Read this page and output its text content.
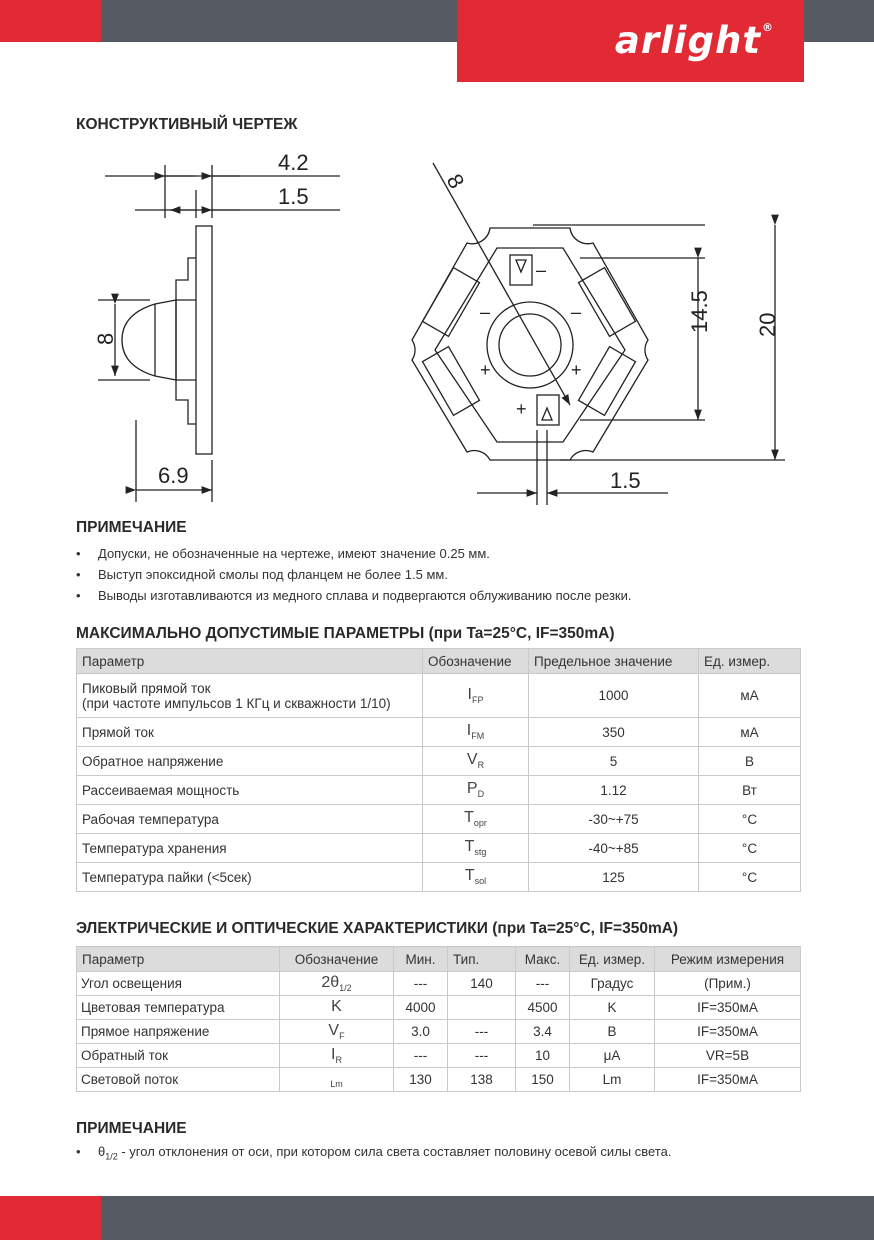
arlight®
КОНСТРУКТИВНЫЙ ЧЕРТЕЖ
4.2
1.5
8
6.9
8
14.5 20
1.5
–
–	–
+	+
+
ПРИМЕЧАНИЕ
• Допуски, не обозначенные на чертеже, имеют значение 0.25 мм.
• Выступ эпоксидной смолы под фланцем не более 1.5 мм.
• Выводы изготавливаются из медного сплава и подвергаются облуживанию после резки.
МАКСИМАЛЬНО ДОПУСТИМЫЕ ПАРАМЕТРЫ (при Ta=25°C, IF=350mA)
Параметр	Обозначение	Предельное значение	Ед. измер.

Пиковый прямой ток
(при частоте импульсов 1 КГц и скважности 1/10)	$I_{FP}$	1000	мА
Прямой ток	$I_{FM}$	350	мА
Обратное напряжение	$V_R$	5	В
Рассеиваемая мощность	$P_D$	1.12	Вт
Рабочая температура	$T_{opr}$	-30~+75	°C
Температура хранения	$T_{stg}$	-40~+85	°C
Температура пайки (<5сек)	$T_{sol}$	125	°C
ЭЛЕКТРИЧЕСКИЕ И ОПТИЧЕСКИЕ ХАРАКТЕРИСТИКИ (при Ta=25°C, IF=350mA)
Параметр	Обозначение	Мин.	Тип.	Макс.	Ед. измер.	Режим измерения
Угол освещения	$2\theta_{1/2}$	---	140	---	Градус	(Прим.)
Цветовая температура	K	4000		4500	K	IF=350мА
Прямое напряжение	$V_F$	3.0	---	3.4	В	IF=350мА
Обратный ток	$I_R$	---	---	10	μA	VR=5В
Световой поток	$_{Lm}$	130	138	150	Lm	IF=350мА
ПРИМЕЧАНИЕ
• $\theta_{1/2}$ - угол отклонения от оси, при котором сила света составляет половину осевой силы света.
